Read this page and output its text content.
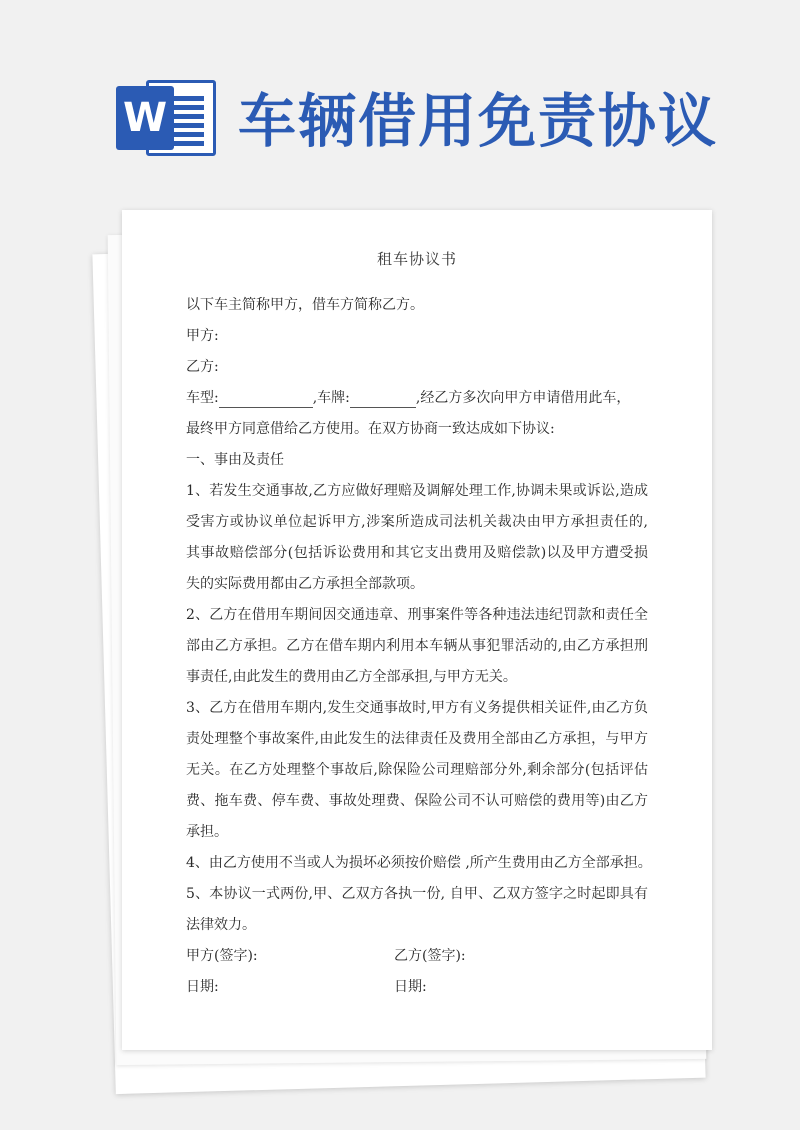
W 车辆借用免责协议
租车协议书
以下车主简称甲方，借车方简称乙方。
甲方:
乙方:
车型:	,车牌:	,经乙方多次向甲方申请借用此车，
最终甲方同意借给乙方使用。在双方协商一致达成如下协议:
一、事由及责任
1、若发生交通事故,乙方应做好理赔及调解处理工作,协调未果或诉讼,造成
受害方或协议单位起诉甲方,涉案所造成司法机关裁决由甲方承担责任的,
其事故赔偿部分(包括诉讼费用和其它支出费用及赔偿款)以及甲方遭受损
失的实际费用都由乙方承担全部款项。
2、乙方在借用车期间因交通违章、刑事案件等各种违法违纪罚款和责任全
部由乙方承担。乙方在借车期内利用本车辆从事犯罪活动的,由乙方承担刑
事责任,由此发生的费用由乙方全部承担,与甲方无关。
3、乙方在借用车期内,发生交通事故时,甲方有义务提供相关证件,由乙方负
责处理整个事故案件,由此发生的法律责任及费用全部由乙方承担，与甲方
无关。在乙方处理整个事故后,除保险公司理赔部分外,剩余部分(包括评估
费、拖车费、停车费、事故处理费、保险公司不认可赔偿的费用等)由乙方
承担。
4、由乙方使用不当或人为损坏必须按价赔偿 ,所产生费用由乙方全部承担。
5、本协议一式两份,甲、乙双方各执一份, 自甲、乙双方签字之时起即具有
法律效力。
甲方(签字):	乙方(签字):
日期:	日期:
